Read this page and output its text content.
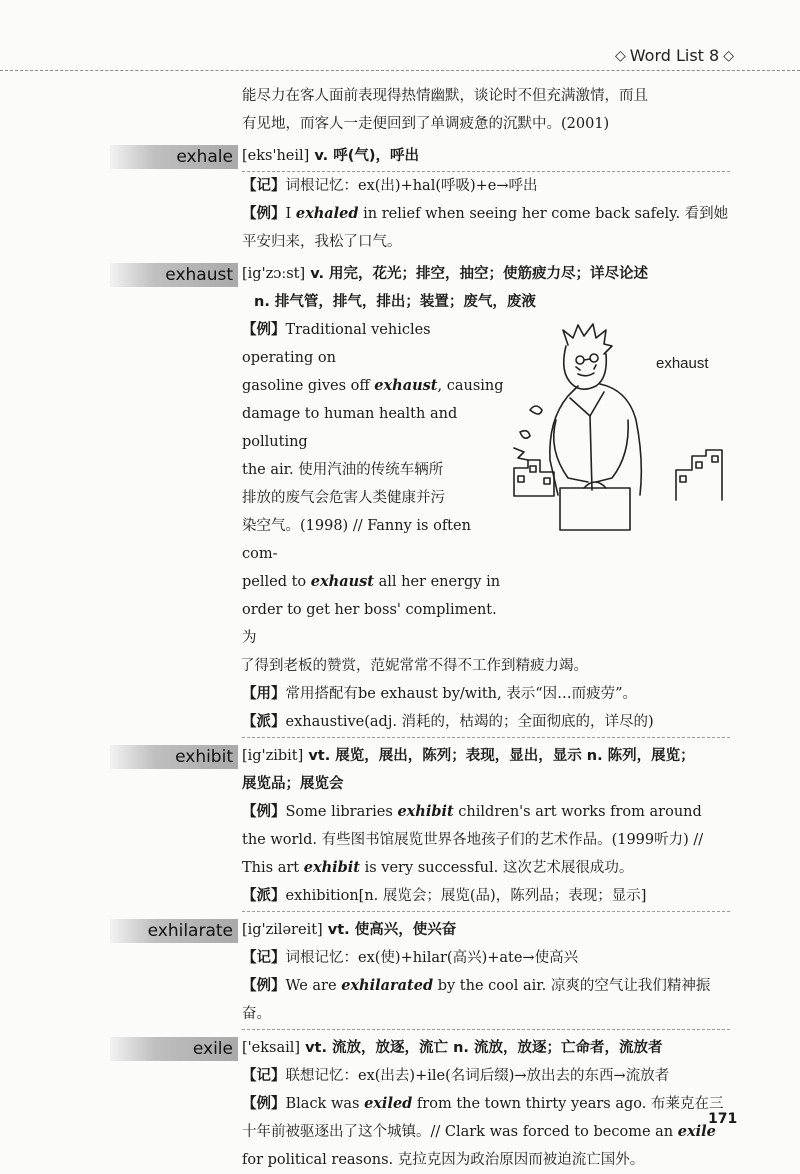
◇ Word List 8 ◇

能尽力在客人面前表现得热情幽默，谈论时不但充满激情，而且
有见地，而客人一走便回到了单调疲惫的沉默中。(2001)

exhale [eks'heil] v. 呼(气)，呼出

【记】词根记忆：ex(出)+hal(呼吸)+e→呼出

【例】I exhaled in relief when seeing her come back safely. 看到她平安归来，我松了口气。

exhaust [ig'zɔːst] v. 用完，花光；排空，抽空；使筋疲力尽；详尽论述

n. 排气管，排气，排出；装置；废气，废液

【例】Traditional vehicles operating on

gasoline gives off exhaust, causing

damage to human health and polluting

the air. 使用汽油的传统车辆所

排放的废气会危害人类健康并污

染空气。(1998) // Fanny is often com-

pelled to exhaust all her energy in

order to get her boss' compliment. 为

了得到老板的赞赏，范妮常常不得不工作到精疲力竭。

【用】常用搭配有be exhaust by/with, 表示“因…而疲劳”。

【派】exhaustive(adj. 消耗的，枯竭的；全面彻底的，详尽的)

exhibit [ig'zibit] vt. 展览，展出，陈列；表现，显出，显示 n. 陈列，展览；

展览品；展览会

【例】Some libraries exhibit children's art works from around the world. 有些图书馆展览世界各地孩子们的艺术作品。(1999听力) // This art exhibit is very successful. 这次艺术展很成功。

【派】exhibition[n. 展览会；展览(品)，陈列品；表现；显示]

exhilarate [ig'ziləreit] vt. 使高兴，使兴奋

【记】词根记忆：ex(使)+hilar(高兴)+ate→使高兴

【例】We are exhilarated by the cool air. 凉爽的空气让我们精神振奋。

exile ['eksail] vt. 流放，放逐，流亡 n. 流放，放逐；亡命者，流放者

【记】联想记忆：ex(出去)+ile(名词后缀)→放出去的东西→流放者

【例】Black was exiled from the town thirty years ago. 布莱克在三十年前被驱逐出了这个城镇。// Clark was forced to become an exile for political reasons. 克拉克因为政治原因而被迫流亡国外。

exhaust
171
